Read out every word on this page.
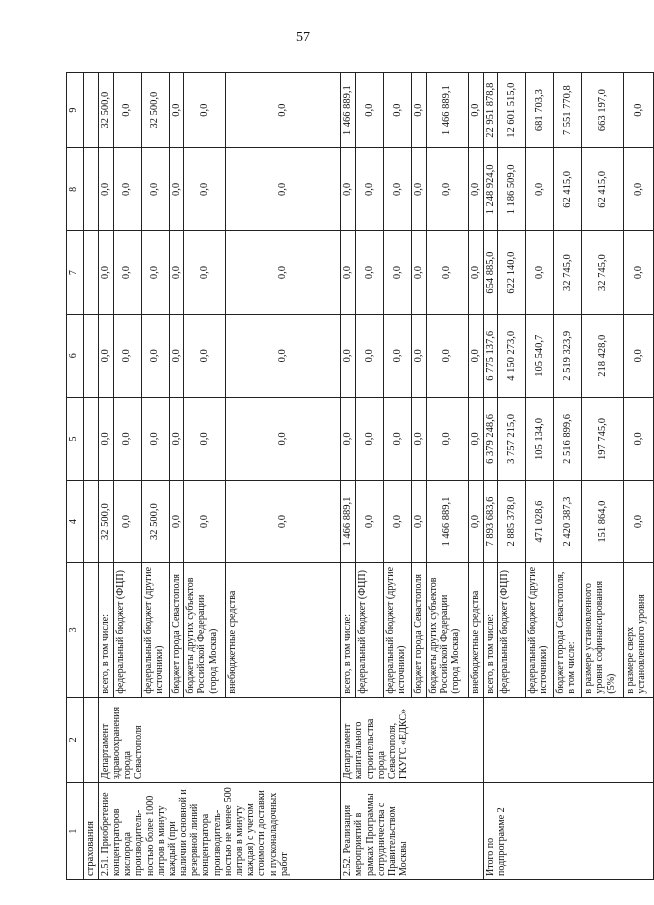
57
1	2	3	4	5	6	7	8	9
страхования								
2.51. Приобретение концентраторов кислорода производитель-ностью более 1000 литров в минуту каждый (при наличии основной и резервной линий концентратора производитель-ностью не менее 500 литров в минуту каждая) с учетом стоимости доставки и пусконаладочных работ	Департамент здравоохранения города Севастополя	всего, в том числе:	32 500,0	0,0	0,0	0,0	0,0	32 500,0
		федеральный бюджет (ФЦП)	0,0	0,0	0,0	0,0	0,0	0,0
		федеральный бюджет (другие источники)	32 500,0	0,0	0,0	0,0	0,0	32 500,0
		бюджет города Севастополя	0,0	0,0	0,0	0,0	0,0	0,0
		бюджеты других субъектов Российской Федерации (город Москва)	0,0	0,0	0,0	0,0	0,0	0,0
		внебюджетные средства	0,0	0,0	0,0	0,0	0,0	0,0
2.52. Реализация мероприятий в рамках Программы сотрудничества с Правительством Москвы	Департамент капитального строительства города Севастополя, ГКУГС «ЕДКС»	всего, в том числе:	1 466 889,1	0,0	0,0	0,0	0,0	1 466 889,1
		федеральный бюджет (ФЦП)	0,0	0,0	0,0	0,0	0,0	0,0
		федеральный бюджет (другие источники)	0,0	0,0	0,0	0,0	0,0	0,0
		бюджет города Севастополя	0,0	0,0	0,0	0,0	0,0	0,0
		бюджеты других субъектов Российской Федерации (город Москва)	1 466 889,1	0,0	0,0	0,0	0,0	1 466 889,1
		внебюджетные средства	0,0	0,0	0,0	0,0	0,0	0,0
Итого по подпрограмме 2		всего, в том числе:	7 893 683,6	6 379 248,6	6 775 137,6	654 885,0	1 248 924,0	22 951 878,8
		федеральный бюджет (ФЦП)	2 885 378,0	3 757 215,0	4 150 273,0	622 140,0	1 186 509,0	12 601 515,0
		федеральный бюджет (другие источники)	471 028,6	105 134,0	105 540,7	0,0	0,0	681 703,3
		бюджет города Севастополя, в том числе:	2 420 387,3	2 516 899,6	2 519 323,9	32 745,0	62 415,0	7 551 770,8
		в размере установленного уровня софинансирования (5%)	151 864,0	197 745,0	218 428,0	32 745,0	62 415,0	663 197,0
		в размере сверх установленного уровня	0,0	0,0	0,0	0,0	0,0	0,0
